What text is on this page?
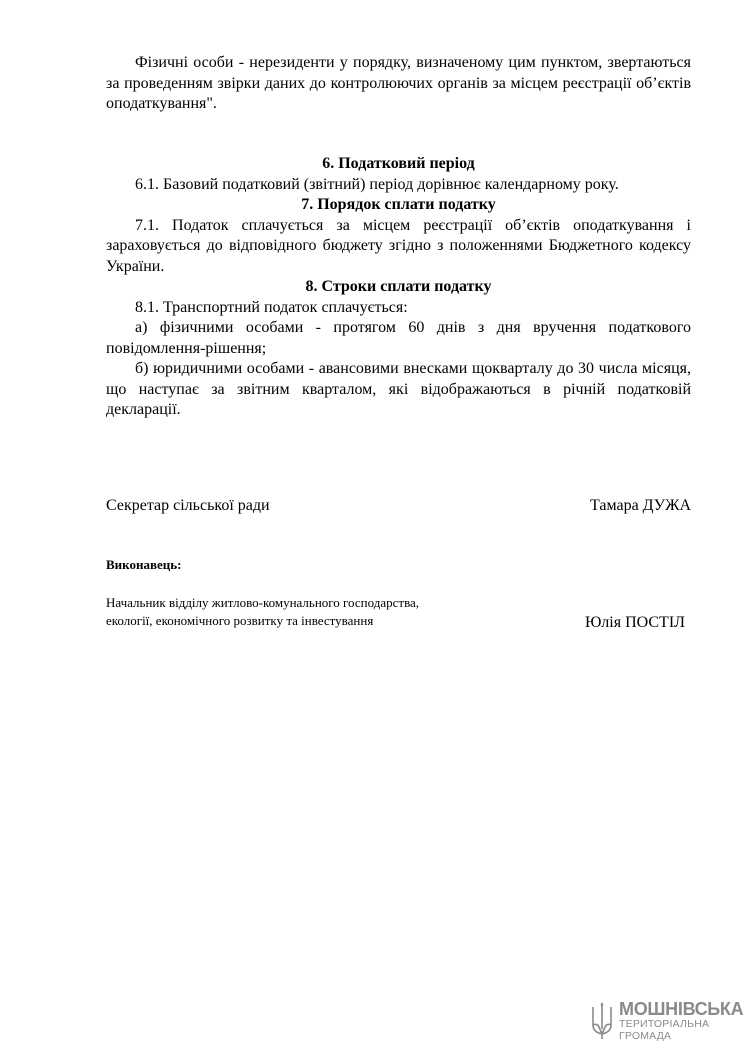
Фізичні особи - нерезиденти у порядку, визначеному цим пунктом, звертаються за проведенням звірки даних до контролюючих органів за місцем реєстрації об’єктів оподаткування".

6. Податковий період

6.1. Базовий податковий (звітний) період дорівнює календарному року.

7. Порядок сплати податку

7.1. Податок сплачується за місцем реєстрації об’єктів оподаткування і зараховується до відповідного бюджету згідно з положеннями Бюджетного кодексу України.

8. Строки сплати податку

8.1. Транспортний податок сплачується:

а) фізичними особами - протягом 60 днів з дня вручення податкового повідомлення-рішення;

б) юридичними особами - авансовими внесками щокварталу до 30 числа місяця, що наступає за звітним кварталом, які відображаються в річній податковій декларації.

Секретар сільської ради	Тамара ДУЖА
Виконавець:
Начальник відділу житлово-комунального господарства, екології, економічного розвитку та інвестування	Юлія ПОСТІЛ
МОШНІВСЬКА
ТЕРИТОРІАЛЬНА
ГРОМАДА
